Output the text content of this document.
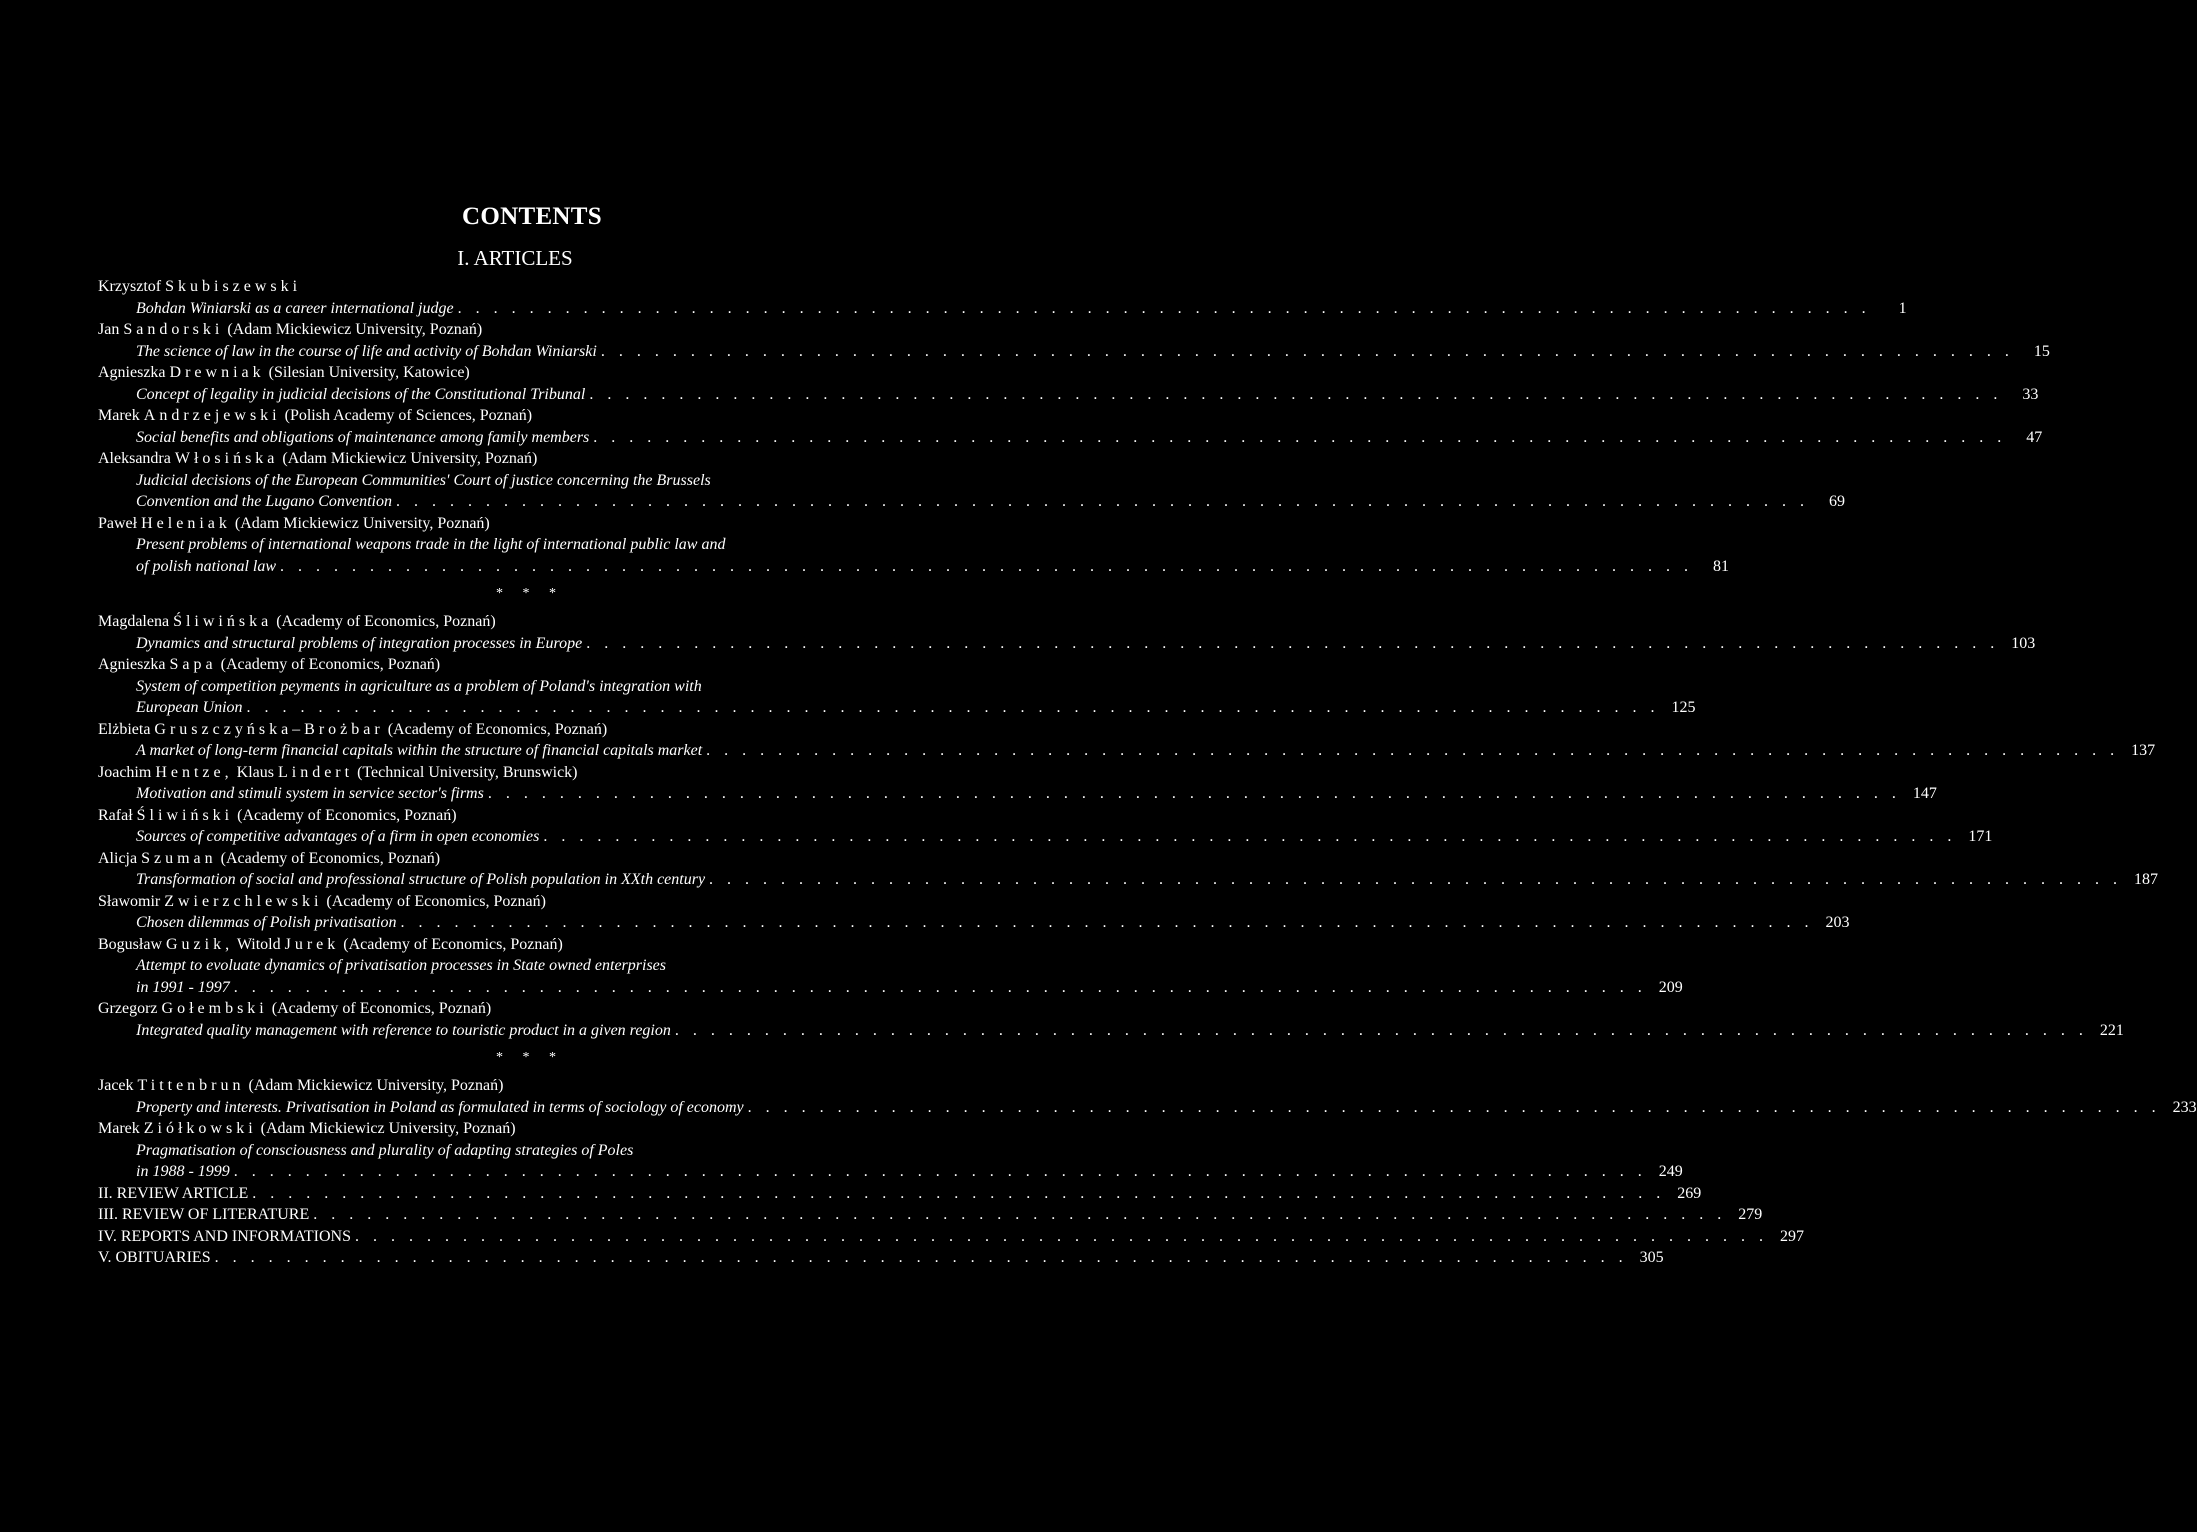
CONTENTS
I. ARTICLES
Krzysztof Skubiszewski
Bohdan Winiarski as a career international judge . . . . . . . . . . . . . . . . . . . . . . . . . . . . . . . . . . . . . . . . . . . . . . . . . . . . . . . . . . . . . . . . . . . . . . . . . . . . . . .	1
Jan Sandorski (Adam Mickiewicz University, Poznań)
The science of law in the course of life and activity of Bohdan Winiarski . . . . . . . . . . . . . . . . . . . . . . . . . . . . . . . . . . . . . . . . . . . . . . . . . . . . . . . . . . . . . . . . . . . . . . . . . . . . . . .	15
Agnieszka Drewniak (Silesian University, Katowice)
Concept of legality in judicial decisions of the Constitutional Tribunal . . . . . . . . . . . . . . . . . . . . . . . . . . . . . . . . . . . . . . . . . . . . . . . . . . . . . . . . . . . . . . . . . . . . . . . . . . . . . . .	33
Marek Andrzejewski (Polish Academy of Sciences, Poznań)
Social benefits and obligations of maintenance among family members . . . . . . . . . . . . . . . . . . . . . . . . . . . . . . . . . . . . . . . . . . . . . . . . . . . . . . . . . . . . . . . . . . . . . . . . . . . . . . .	47
Aleksandra Włosińska (Adam Mickiewicz University, Poznań)
Judicial decisions of the European Communities' Court of justice concerning the Brussels
Convention and the Lugano Convention . . . . . . . . . . . . . . . . . . . . . . . . . . . . . . . . . . . . . . . . . . . . . . . . . . . . . . . . . . . . . . . . . . . . . . . . . . . . . . .	69
Paweł Heleniak (Adam Mickiewicz University, Poznań)
Present problems of international weapons trade in the light of international public law and
of polish national law . . . . . . . . . . . . . . . . . . . . . . . . . . . . . . . . . . . . . . . . . . . . . . . . . . . . . . . . . . . . . . . . . . . . . . . . . . . . . . .	81
* * *
Magdalena Śliwińska (Academy of Economics, Poznań)
Dynamics and structural problems of integration processes in Europe . . . . . . . . . . . . . . . . . . . . . . . . . . . . . . . . . . . . . . . . . . . . . . . . . . . . . . . . . . . . . . . . . . . . . . . . . . . . . . . 103
Agnieszka Sapa (Academy of Economics, Poznań)
System of competition peyments in agriculture as a problem of Poland's integration with
European Union . . . . . . . . . . . . . . . . . . . . . . . . . . . . . . . . . . . . . . . . . . . . . . . . . . . . . . . . . . . . . . . . . . . . . . . . . . . . . . . 125
Elżbieta Gruszczyńska–Brożbar (Academy of Economics, Poznań)
A market of long-term financial capitals within the structure of financial capitals market . . . . . . . . . . . . . . . . . . . . . . . . . . . . . . . . . . . . . . . . . . . . . . . . . . . . . . . . . . . . . . . . . . . . . . . . . . . . . . . 137
Joachim Hentze, Klaus Lindert (Technical University, Brunswick)
Motivation and stimuli system in service sector's firms . . . . . . . . . . . . . . . . . . . . . . . . . . . . . . . . . . . . . . . . . . . . . . . . . . . . . . . . . . . . . . . . . . . . . . . . . . . . . . . 147
Rafał Śliwiński (Academy of Economics, Poznań)
Sources of competitive advantages of a firm in open economies . . . . . . . . . . . . . . . . . . . . . . . . . . . . . . . . . . . . . . . . . . . . . . . . . . . . . . . . . . . . . . . . . . . . . . . . . . . . . . . 171
Alicja Szuman (Academy of Economics, Poznań)
Transformation of social and professional structure of Polish population in XXth century . . . . . . . . . . . . . . . . . . . . . . . . . . . . . . . . . . . . . . . . . . . . . . . . . . . . . . . . . . . . . . . . . . . . . . . . . . . . . . . 187
Sławomir Zwierzchlewski (Academy of Economics, Poznań)
Chosen dilemmas of Polish privatisation . . . . . . . . . . . . . . . . . . . . . . . . . . . . . . . . . . . . . . . . . . . . . . . . . . . . . . . . . . . . . . . . . . . . . . . . . . . . . . . 203
Bogusław Guzik, Witold Jurek (Academy of Economics, Poznań)
Attempt to evoluate dynamics of privatisation processes in State owned enterprises
in 1991 - 1997 . . . . . . . . . . . . . . . . . . . . . . . . . . . . . . . . . . . . . . . . . . . . . . . . . . . . . . . . . . . . . . . . . . . . . . . . . . . . . . . 209
Grzegorz Gołembski (Academy of Economics, Poznań)
Integrated quality management with reference to touristic product in a given region . . . . . . . . . . . . . . . . . . . . . . . . . . . . . . . . . . . . . . . . . . . . . . . . . . . . . . . . . . . . . . . . . . . . . . . . . . . . . . . 221
* * *
Jacek Tittenbrun (Adam Mickiewicz University, Poznań)
Property and interests. Privatisation in Poland as formulated in terms of sociology of economy . . . . . . . . . . . . . . . . . . . . . . . . . . . . . . . . . . . . . . . . . . . . . . . . . . . . . . . . . . . . . . . . . . . . . . . . . . . . . . . 233
Marek Ziółkowski (Adam Mickiewicz University, Poznań)
Pragmatisation of consciousness and plurality of adapting strategies of Poles
in 1988 - 1999 . . . . . . . . . . . . . . . . . . . . . . . . . . . . . . . . . . . . . . . . . . . . . . . . . . . . . . . . . . . . . . . . . . . . . . . . . . . . . . . 249
II. REVIEW ARTICLE . . . . . . . . . . . . . . . . . . . . . . . . . . . . . . . . . . . . . . . . . . . . . . . . . . . . . . . . . . . . . . . . . . . . . . . . . . . . . . . 269
III. REVIEW OF LITERATURE . . . . . . . . . . . . . . . . . . . . . . . . . . . . . . . . . . . . . . . . . . . . . . . . . . . . . . . . . . . . . . . . . . . . . . . . . . . . . . . 279
IV. REPORTS AND INFORMATIONS . . . . . . . . . . . . . . . . . . . . . . . . . . . . . . . . . . . . . . . . . . . . . . . . . . . . . . . . . . . . . . . . . . . . . . . . . . . . . . . 297
V. OBITUARIES . . . . . . . . . . . . . . . . . . . . . . . . . . . . . . . . . . . . . . . . . . . . . . . . . . . . . . . . . . . . . . . . . . . . . . . . . . . . . . . 305
